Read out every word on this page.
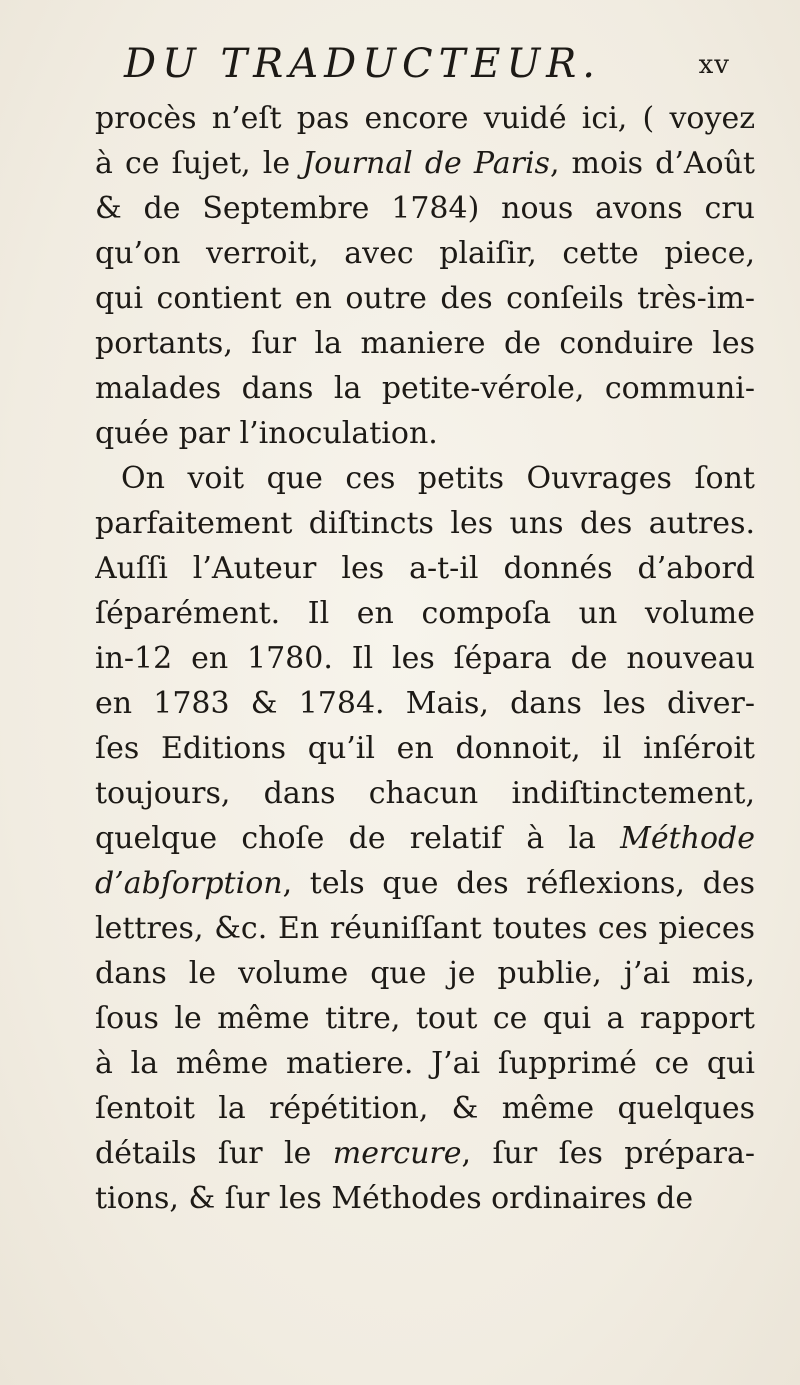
DU TRADUCTEUR.	xv
procès n’eſt pas encore vuidé ici, ( voyez
à ce ſujet, le Journal de Paris, mois d’Août
& de Septembre 1784) nous avons cru
qu’on verroit, avec plaiſir, cette piece,
qui contient en outre des conſeils très-im-
portants, ſur la maniere de conduire les
malades dans la petite-vérole, communi-
quée par l’inoculation.
On voit que ces petits Ouvrages ſont
parfaitement diſtincts les uns des autres.
Auſſi l’Auteur les a-t-il donnés d’abord
ſéparément. Il en compoſa un volume
in-12 en 1780. Il les ſépara de nouveau
en 1783 & 1784. Mais, dans les diver-
ſes Editions qu’il en donnoit, il inſéroit
toujours, dans chacun indiſtinctement,
quelque choſe de relatif à la Méthode
d’abſorption, tels que des réflexions, des
lettres, &c. En réuniſſant toutes ces pieces
dans le volume que je publie, j’ai mis,
ſous le même titre, tout ce qui a rapport
à la même matiere. J’ai ſupprimé ce qui
ſentoit la répétition, & même quelques
détails ſur le mercure, ſur ſes prépara-
tions, & ſur les Méthodes ordinaires de
